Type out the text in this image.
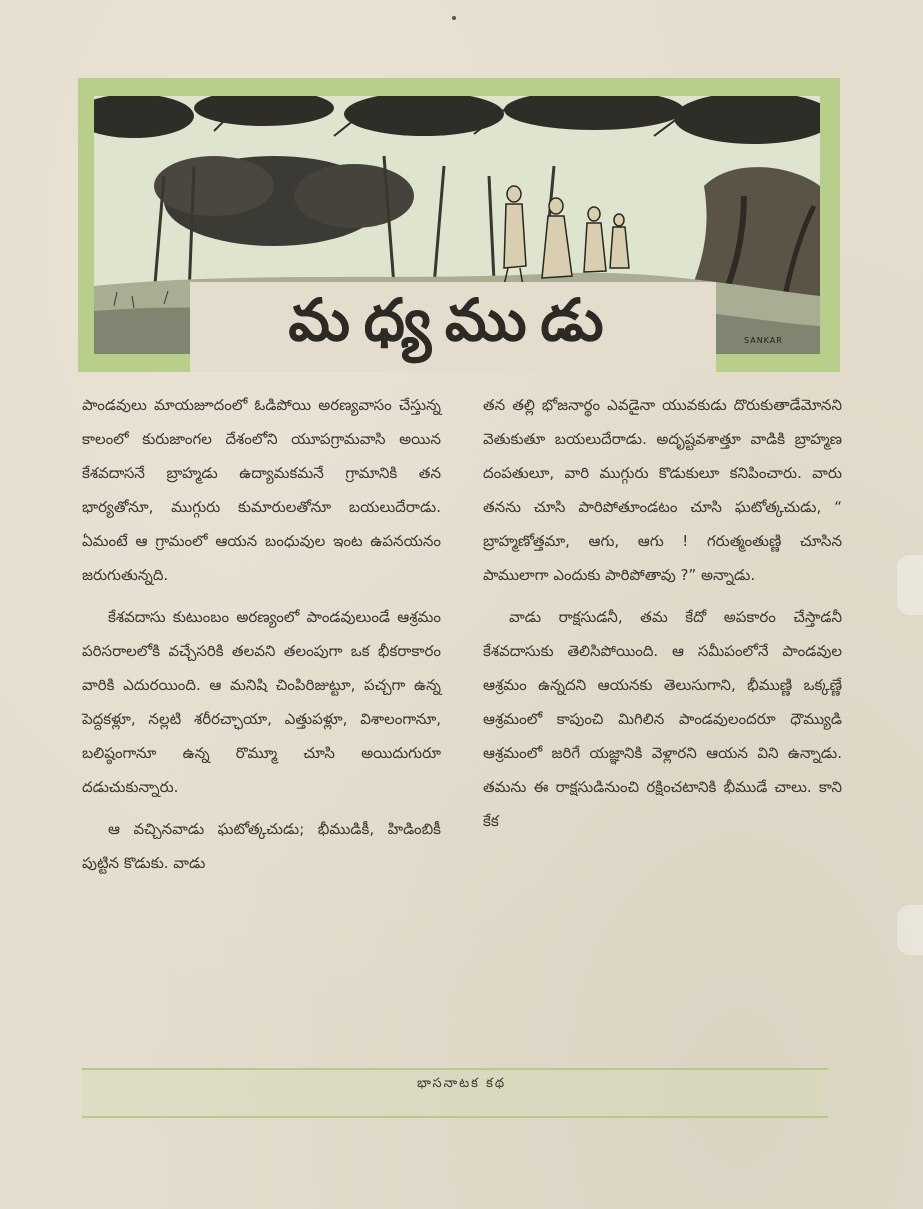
మధ్యముడు	SANKAR

పాండవులు మాయజూదంలో ఓడిపోయి అరణ్యవాసం చేస్తున్న కాలంలో కురుజాంగల దేశంలోని యూపగ్రామవాసి అయిన కేశవదాసనే బ్రాహ్మడు ఉద్యామకమనే గ్రామానికి తన భార్యతోనూ, ముగ్గురు కుమారులతోనూ బయలుదేరాడు. ఏమంటే ఆ గ్రామంలో ఆయన బంధువుల ఇంట ఉపనయనం జరుగుతున్నది.

కేశవదాసు కుటుంబం అరణ్యంలో పాండవులుండే ఆశ్రమం పరిసరాలలోకి వచ్చేసరికి తలవని తలంపుగా ఒక భీకరాకారం వారికి ఎదురయింది. ఆ మనిషి చింపిరిజుట్టూ, పచ్చగా ఉన్న పెద్దకళ్లూ, నల్లటి శరీరచ్ఛాయా, ఎత్తుపళ్లూ, విశాలంగానూ, బలిష్ఠంగానూ ఉన్న రొమ్మూ చూసి అయిదుగురూ దడుచుకున్నారు.

ఆ వచ్చినవాడు ఘటోత్కచుడు; భీముడికీ, హిడింబికీ పుట్టిన కొడుకు. వాడు

తన తల్లి భోజనార్థం ఎవడైనా యువకుడు దొరుకుతాడేమోనని వెతుకుతూ బయలుదేరాడు. అదృష్టవశాత్తూ వాడికి బ్రాహ్మణ దంపతులూ, వారి ముగ్గురు కొడుకులూ కనిపించారు. వారు తనను చూసి పారిపోతూండటం చూసి ఘటోత్కచుడు, “ బ్రాహ్మణోత్తమా, ఆగు, ఆగు ! గరుత్మంతుణ్ణి చూసిన పాములాగా ఎందుకు పారిపోతావు ?” అన్నాడు.

వాడు రాక్షసుడనీ, తమ కేదో అపకారం చేస్తాడనీ కేశవదాసుకు తెలిసిపోయింది. ఆ సమీపంలోనే పాండవుల ఆశ్రమం ఉన్నదని ఆయనకు తెలుసుగాని, భీముణ్ణి ఒక్కణ్ణే ఆశ్రమంలో కాపుంచి మిగిలిన పాండవులందరూ ధౌమ్యుడి ఆశ్రమంలో జరిగే యజ్ఞానికి వెళ్లారని ఆయన విని ఉన్నాడు. తమను ఈ రాక్షసుడినుంచి రక్షించటానికి భీముడే చాలు. కాని కేక

భాసనాటక కథ
